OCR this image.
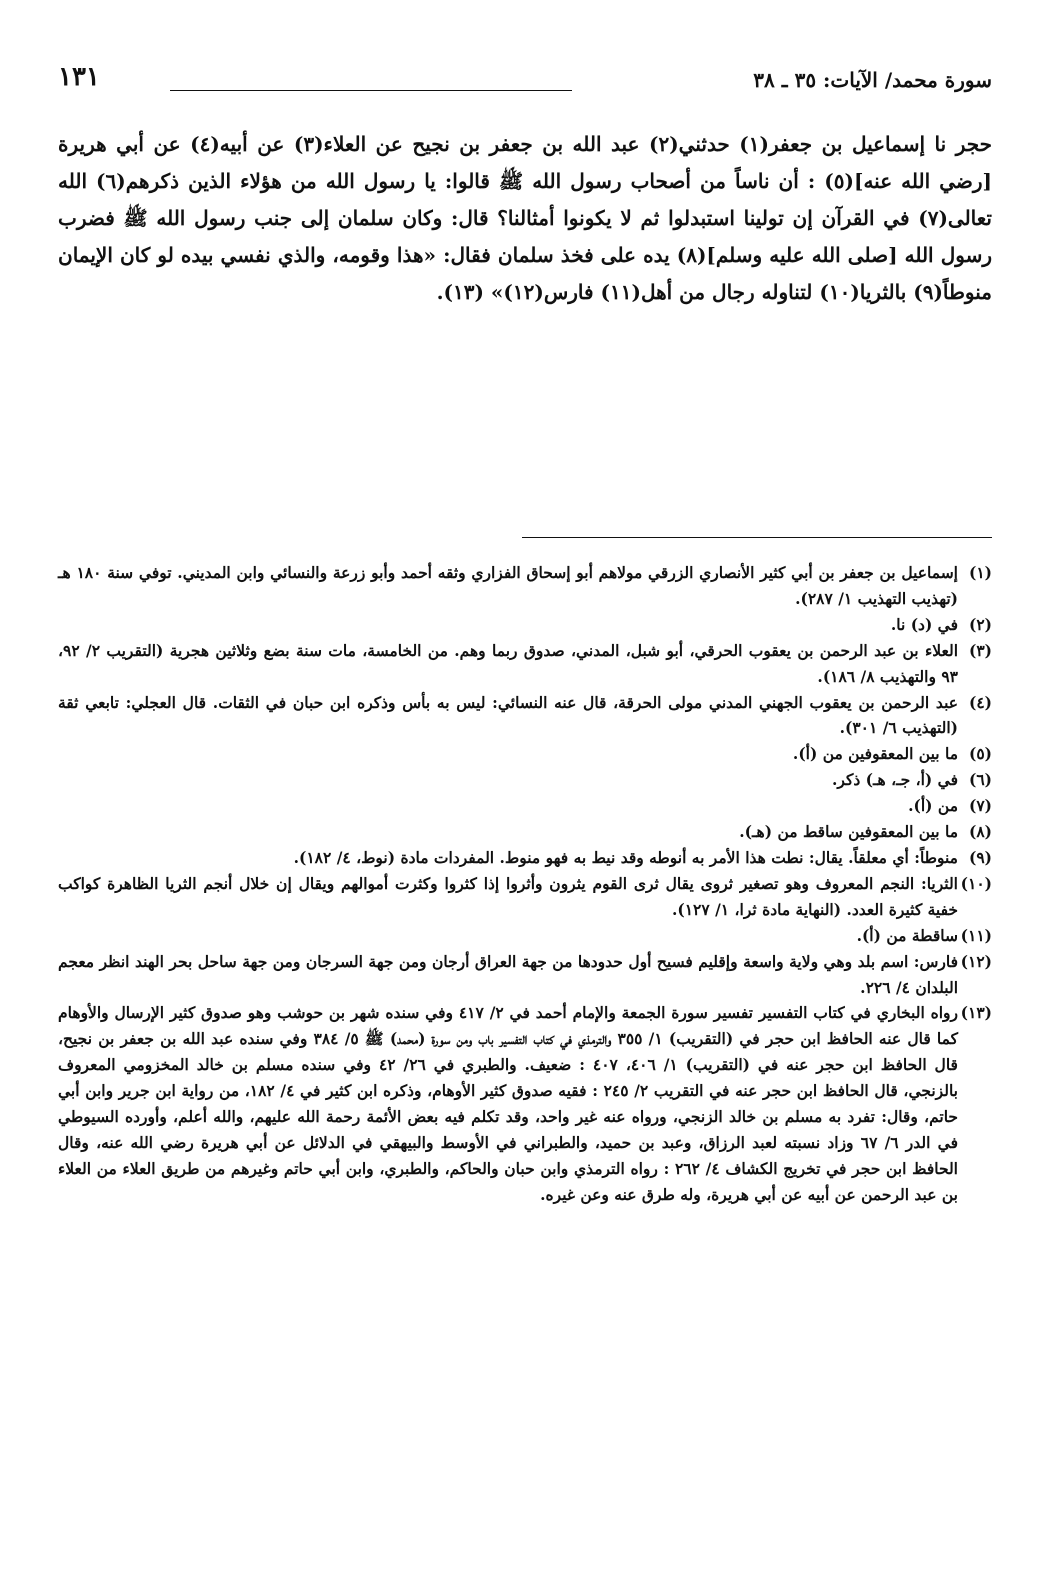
سورة محمد/ الآيات: ٣٥ ـ ٣٨
١٣١

حجر نا إسماعيل بن جعفر(١) حدثني(٢) عبد الله بن جعفر بن نجيح عن العلاء(٣) عن أبيه(٤) عن أبي هريرة [رضي الله عنه](٥) : أن ناساً من أصحاب رسول الله ﷺ قالوا: يا رسول الله من هؤلاء الذين ذكرهم(٦) الله تعالى(٧) في القرآن إن تولينا استبدلوا ثم لا يكونوا أمثالنا؟ قال: وكان سلمان إلى جنب رسول الله ﷺ فضرب رسول الله [صلى الله عليه وسلم](٨) يده على فخذ سلمان فقال: «هذا وقومه، والذي نفسي بيده لو كان الإيمان منوطاً(٩) بالثريا(١٠) لتناوله رجال من أهل(١١) فارس(١٢)» (١٣).

(١)
إسماعيل بن جعفر بن أبي كثير الأنصاري الزرقي مولاهم أبو إسحاق الفزاري وثقه أحمد وأبو زرعة والنسائي وابن المديني. توفي سنة ١٨٠ هـ (تهذيب التهذيب ١/ ٢٨٧).
(٢)
في (د) نا.
(٣)
العلاء بن عبد الرحمن بن يعقوب الحرقي، أبو شبل، المدني، صدوق ربما وهم. من الخامسة، مات سنة بضع وثلاثين هجرية (التقريب ٢/ ٩٢، ٩٣ والتهذيب ٨/ ١٨٦).
(٤)
عبد الرحمن بن يعقوب الجهني المدني مولى الحرقة، قال عنه النسائي: ليس به بأس وذكره ابن حبان في الثقات. قال العجلي: تابعي ثقة (التهذيب ٦/ ٣٠١).
(٥)
ما بين المعقوفين من (أ).
(٦)
في (أ، جـ، هـ) ذكر.
(٧)
من (أ).
(٨)
ما بين المعقوفين ساقط من (هـ).
(٩)
منوطاً: أي معلقاً. يقال: نطت هذا الأمر به أنوطه وقد نيط به فهو منوط. المفردات مادة (نوط، ٤/ ١٨٢).
(١٠)
الثريا: النجم المعروف وهو تصغير ثروى يقال ثرى القوم يثرون وأثروا إذا كثروا وكثرت أموالهم ويقال إن خلال أنجم الثريا الظاهرة كواكب خفية كثيرة العدد. (النهاية مادة ثرا، ١/ ١٢٧).
(١١)
ساقطة من (أ).
(١٢)
فارس: اسم بلد وهي ولاية واسعة وإقليم فسيح أول حدودها من جهة العراق أرجان ومن جهة السرجان ومن جهة ساحل بحر الهند انظر معجم البلدان ٤/ ٢٢٦.
(١٣)
رواه البخاري في كتاب التفسير تفسير سورة الجمعة والإمام أحمد في ٢/ ٤١٧ وفي سنده شهر بن حوشب وهو صدوق كثير الإرسال والأوهام كما قال عنه الحافظ ابن حجر في (التقريب) ١/ ٣٥٥ والترمذي في كتاب التفسير باب ومن سورة (محمد) ﷺ ٥/ ٣٨٤ وفي سنده عبد الله بن جعفر بن نجيح، قال الحافظ ابن حجر عنه في (التقريب) ١/ ٤٠٦، ٤٠٧ : ضعيف. والطبري في ٢٦/ ٤٢ وفي سنده مسلم بن خالد المخزومي المعروف بالزنجي، قال الحافظ ابن حجر عنه في التقريب ٢/ ٢٤٥ : فقيه صدوق كثير الأوهام، وذكره ابن كثير في ٤/ ١٨٢، من رواية ابن جرير وابن أبي حاتم، وقال: تفرد به مسلم بن خالد الزنجي، ورواه عنه غير واحد، وقد تكلم فيه بعض الأئمة رحمة الله عليهم، والله أعلم، وأورده السيوطي في الدر ٦/ ٦٧ وزاد نسبته لعبد الرزاق، وعبد بن حميد، والطبراني في الأوسط والبيهقي في الدلائل عن أبي هريرة رضي الله عنه، وقال الحافظ ابن حجر في تخريج الكشاف ٤/ ٢٦٢ : رواه الترمذي وابن حبان والحاكم، والطبري، وابن أبي حاتم وغيرهم من طريق العلاء من العلاء بن عبد الرحمن عن أبيه عن أبي هريرة، وله طرق عنه وعن غيره.
